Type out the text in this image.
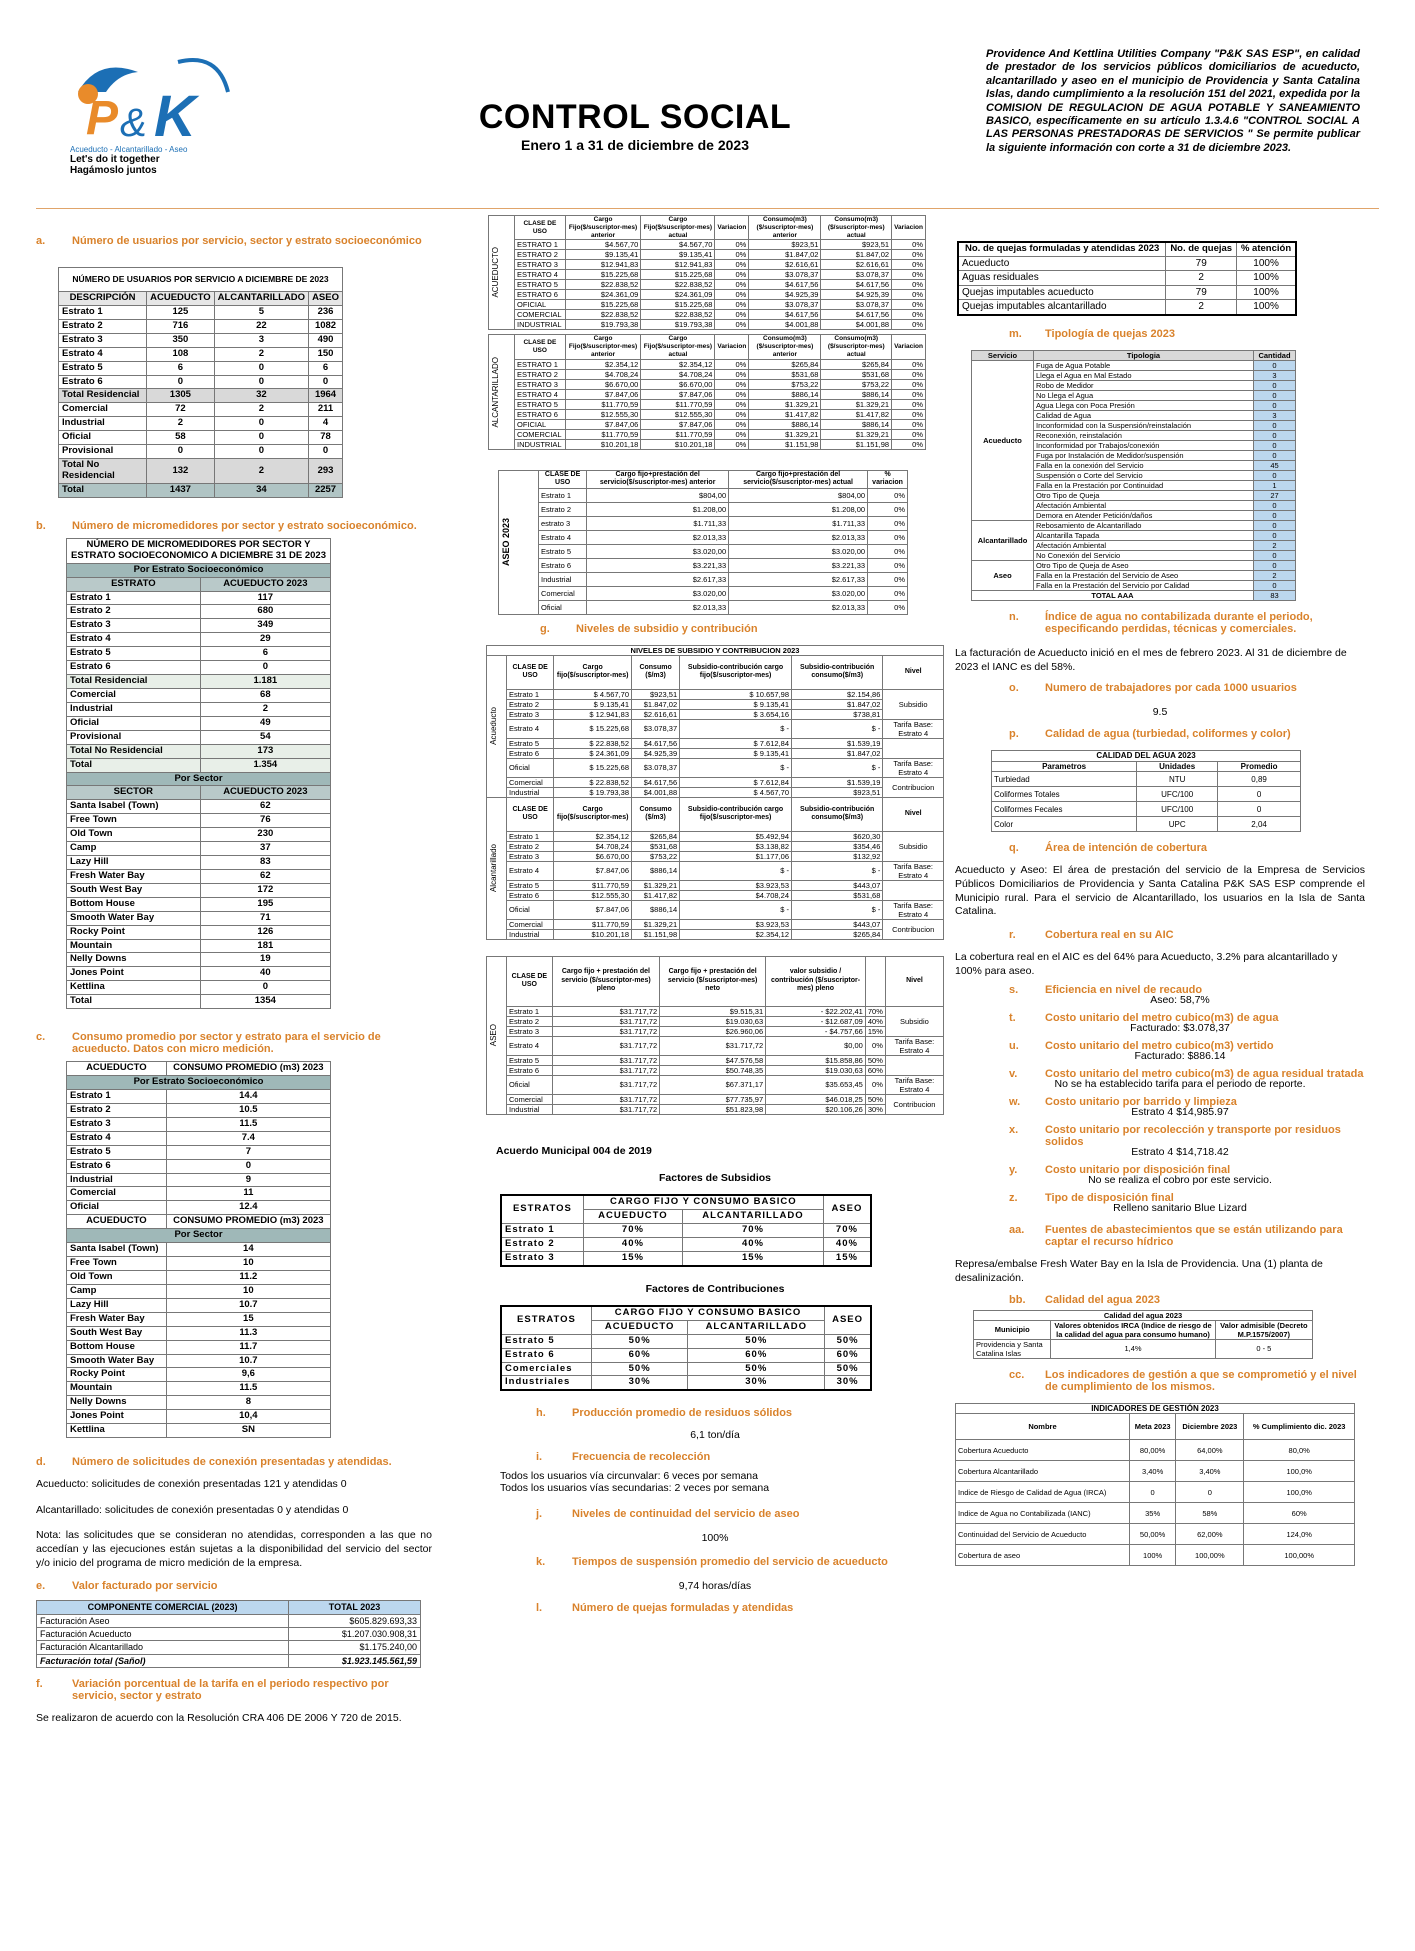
P & K
Acueducto - Alcantarillado - Aseo
Let's do it together
Hagámoslo juntos
CONTROL SOCIAL
Enero 1 a 31 de diciembre de 2023
Providence And Kettlina Utilities Company "P&K SAS ESP", en calidad de prestador de los servicios públicos domiciliarios de acueducto, alcantarillado y aseo en el municipio de Providencia y Santa Catalina Islas, dando cumplimiento a la resolución 151 del 2021, expedida por la COMISION DE REGULACION DE AGUA POTABLE Y SANEAMIENTO BASICO, específicamente en su artículo 1.3.4.6 "CONTROL SOCIAL A LAS PERSONAS PRESTADORAS DE SERVICIOS " Se permite publicar la siguiente información con corte a 31 de diciembre 2023.
a.	Número de usuarios por servicio, sector y estrato socioeconómico
NÚMERO DE USUARIOS POR SERVICIO A DICIEMBRE DE 2023			
DESCRIPCIÓN	ACUEDUCTO	ALCANTARILLADO	ASEO
Estrato 1	125	5	236
Estrato 2	716	22	1082
Estrato 3	350	3	490
Estrato 4	108	2	150
Estrato 5	6	0	6
Estrato 6	0	0	0
Total Residencial	1305	32	1964
Comercial	72	2	211
Industrial	2	0	4
Oficial	58	0	78
Provisional	0	0	0
Total No Residencial	132	2	293
Total	1437	34	2257
b.	Número de micromedidores por sector y estrato socioeconómico.
NÚMERO DE MICROMEDIDORES POR SECTOR Y ESTRATO SOCIOECONOMICO A DICIEMBRE 31 DE 2023	
Por Estrato Socioeconómico	
ESTRATO	ACUEDUCTO 2023
Estrato 1	117
Estrato 2	680
Estrato 3	349
Estrato 4	29
Estrato 5	6
Estrato 6	0
Total Residencial	1.181
Comercial	68
Industrial	2
Oficial	49
Provisional	54
Total No Residencial	173
Total	1.354
Por Sector	
SECTOR	ACUEDUCTO 2023
Santa Isabel (Town)	62
Free Town	76
Old Town	230
Camp	37
Lazy Hill	83
Fresh Water Bay	62
South West Bay	172
Bottom House	195
Smooth Water Bay	71
Rocky Point	126
Mountain	181
Nelly Downs	19
Jones Point	40
Kettlina	0
Total	1354
c.	Consumo promedio por sector y estrato para el servicio de acueducto. Datos con micro medición.
ACUEDUCTO	CONSUMO PROMEDIO (m3) 2023
Por Estrato Socioeconómico	
Estrato 1	14.4
Estrato 2	10.5
Estrato 3	11.5
Estrato 4	7.4
Estrato 5	7
Estrato 6	0
Industrial	9
Comercial	11
Oficial	12.4
ACUEDUCTO	CONSUMO PROMEDIO (m3) 2023
Por Sector	
Santa Isabel (Town)	14
Free Town	10
Old Town	11.2
Camp	10
Lazy Hill	10.7
Fresh Water Bay	15
South West Bay	11.3
Bottom House	11.7
Smooth Water Bay	10.7
Rocky Point	9,6
Mountain	11.5
Nelly Downs	8
Jones Point	10,4
Kettlina	SN
d.	Número de solicitudes de conexión presentadas y atendidas.
Acueducto: solicitudes de conexión presentadas 121 y atendidas 0
Alcantarillado: solicitudes de conexión presentadas 0 y atendidas 0
Nota: las solicitudes que se consideran no atendidas, corresponden a las que no accedían y las ejecuciones están sujetas a la disponibilidad del servicio del sector y/o inicio del programa de micro medición de la empresa.
e.	Valor facturado por servicio
COMPONENTE COMERCIAL (2023)	TOTAL 2023
Facturación Aseo	$605.829.693,33
Facturación Acueducto	$1.207.030.908,31
Facturación Alcantarillado	$1.175.240,00
Facturación total (Sañol)	$1.923.145.561,59
f.	Variación porcentual de la tarifa en el periodo respectivo por servicio, sector y estrato
Se realizaron de acuerdo con la Resolución CRA 406 DE 2006 Y 720 de 2015.
ACUEDUCTO	CLASE DE USO	Cargo Fijo($/suscriptor-mes) anterior	Cargo Fijo($/suscriptor-mes) actual	Variacion	Consumo(m3)($/suscriptor-mes) anterior	Consumo(m3)($/suscriptor-mes) actual	Variacion
	ESTRATO 1	$4.567,70	$4.567,70	0%	$923,51	$923,51	0%
	ESTRATO 2	$9.135,41	$9.135,41	0%	$1.847,02	$1.847,02	0%
	ESTRATO 3	$12.941,83	$12.941,83	0%	$2.616,61	$2.616,61	0%
	ESTRATO 4	$15.225,68	$15.225,68	0%	$3.078,37	$3.078,37	0%
	ESTRATO 5	$22.838,52	$22.838,52	0%	$4.617,56	$4.617,56	0%
	ESTRATO 6	$24.361,09	$24.361,09	0%	$4.925,39	$4.925,39	0%
	OFICIAL	$15.225,68	$15.225,68	0%	$3.078,37	$3.078,37	0%
	COMERCIAL	$22.838,52	$22.838,52	0%	$4.617,56	$4.617,56	0%
	INDUSTRIAL	$19.793,38	$19.793,38	0%	$4.001,88	$4.001,88	0%
ALCANTARILLADO	CLASE DE USO	Cargo Fijo($/suscriptor-mes) anterior	Cargo Fijo($/suscriptor-mes) actual	Variacion	Consumo(m3)($/suscriptor-mes) anterior	Consumo(m3)($/suscriptor-mes) actual	Variacion
	ESTRATO 1	$2.354,12	$2.354,12	0%	$265,84	$265,84	0%
	ESTRATO 2	$4.708,24	$4.708,24	0%	$531,68	$531,68	0%
	ESTRATO 3	$6.670,00	$6.670,00	0%	$753,22	$753,22	0%
	ESTRATO 4	$7.847,06	$7.847,06	0%	$886,14	$886,14	0%
	ESTRATO 5	$11.770,59	$11.770,59	0%	$1.329,21	$1.329,21	0%
	ESTRATO 6	$12.555,30	$12.555,30	0%	$1.417,82	$1.417,82	0%
	OFICIAL	$7.847,06	$7.847,06	0%	$886,14	$886,14	0%
	COMERCIAL	$11.770,59	$11.770,59	0%	$1.329,21	$1.329,21	0%
	INDUSTRIAL	$10.201,18	$10.201,18	0%	$1.151,98	$1.151,98	0%
ASEO 2023	CLASE DE USO	Cargo fijo+prestación del servicio($/suscriptor-mes) anterior	Cargo fijo+prestación del servicio($/suscriptor-mes) actual	% variacion
	Estrato 1	$804,00	$804,00	0%
	Estrato 2	$1.208,00	$1.208,00	0%
	estrato 3	$1.711,33	$1.711,33	0%
	Estrato 4	$2.013,33	$2.013,33	0%
	Estrato 5	$3.020,00	$3.020,00	0%
	Estrato 6	$3.221,33	$3.221,33	0%
	Industrial	$2.617,33	$2.617,33	0%
	Comercial	$3.020,00	$3.020,00	0%
	Oficial	$2.013,33	$2.013,33	0%
g.	Niveles de subsidio y contribución
NIVELES DE SUBSIDIO Y CONTRIBUCION 2023						

Acueducto	CLASE DE USO	Cargo fijo($/suscriptor-mes)	Consumo ($/m3)	Subsidio-contribución cargo fijo($/suscriptor-mes)	Subsidio-contribución consumo($/m3)	Nivel
	Estrato 1	$ 4.567,70	$923,51	$ 10.657,98	$2.154,86	Subsidio
	Estrato 2	$ 9.135,41	$1.847,02	$ 9.135,41	$1.847,02	
	Estrato 3	$ 12.941,83	$2.616,61	$ 3.654,16	$738,81	
	Estrato 4	$ 15.225,68	$3.078,37	$ -	$ -	Tarifa Base: Estrato 4
	Estrato 5	$ 22.838,52	$4.617,56	$ 7.612,84	$1.539,19	
	Estrato 6	$ 24.361,09	$4.925,39	$ 9.135,41	$1.847,02	
	Oficial	$ 15.225,68	$3.078,37	$ -	$ -	Tarifa Base: Estrato 4
	Comercial	$ 22.838,52	$4.617,56	$ 7.612,84	$1.539,19	Contribucion
	Industrial	$ 19.793,38	$4.001,88	$ 4.567,70	$923,51	

Alcantarillado	CLASE DE USO	Cargo fijo($/suscriptor-mes)	Consumo ($/m3)	Subsidio-contribución cargo fijo($/suscriptor-mes)	Subsidio-contribución consumo($/m3)	Nivel
	Estrato 1	$2.354,12	$265,84	$5.492,94	$620,30	Subsidio
	Estrato 2	$4.708,24	$531,68	$3.138,82	$354,46	
	Estrato 3	$6.670,00	$753,22	$1.177,06	$132,92	
	Estrato 4	$7.847,06	$886,14	$ -	$ -	Tarifa Base: Estrato 4
	Estrato 5	$11.770,59	$1.329,21	$3.923,53	$443,07	
	Estrato 6	$12.555,30	$1.417,82	$4.708,24	$531,68	
	Oficial	$7.847,06	$886,14	$ -	$ -	Tarifa Base: Estrato 4
	Comercial	$11.770,59	$1.329,21	$3.923,53	$443,07	Contribucion
	Industrial	$10.201,18	$1.151,98	$2.354,12	$265,84	
ASEO	CLASE DE USO	Cargo fijo + prestación del servicio ($/suscriptor-mes) pleno	Cargo fijo + prestación del servicio ($/suscriptor-mes) neto	valor subsidio / contribución ($/suscriptor-mes) pleno		Nivel
	Estrato 1	$31.717,72	$9.515,31	- $22.202,41	70%	Subsidio
	Estrato 2	$31.717,72	$19.030,63	- $12.687,09	40%	
	Estrato 3	$31.717,72	$26.960,06	- $4.757,66	15%	
	Estrato 4	$31.717,72	$31.717,72	$0,00	0%	Tarifa Base: Estrato 4
	Estrato 5	$31.717,72	$47.576,58	$15.858,86	50%	
	Estrato 6	$31.717,72	$50.748,35	$19.030,63	60%	
	Oficial	$31.717,72	$67.371,17	$35.653,45	0%	Tarifa Base: Estrato 4
	Comercial	$31.717,72	$77.735,97	$46.018,25	50%	Contribucion
	Industrial	$31.717,72	$51.823,98	$20.106,26	30%	
Acuerdo Municipal 004 de 2019
Factores de Subsidios
ESTRATOS	CARGO FIJO Y CONSUMO BASICO		ASEO
	ACUEDUCTO	ALCANTARILLADO	
Estrato 1	70%	70%	70%
Estrato 2	40%	40%	40%
Estrato 3	15%	15%	15%
Factores de Contribuciones
ESTRATOS	CARGO FIJO Y CONSUMO BASICO		ASEO
	ACUEDUCTO	ALCANTARILLADO	
Estrato 5	50%	50%	50%
Estrato 6	60%	60%	60%
Comerciales	50%	50%	50%
Industriales	30%	30%	30%
h.	Producción promedio de residuos sólidos
6,1 ton/día
i.	Frecuencia de recolección
Todos los usuarios vía circunvalar: 6 veces por semana
Todos los usuarios vías secundarias: 2 veces por semana
j.	Niveles de continuidad del servicio de aseo
100%
k.	Tiempos de suspensión promedio del servicio de acueducto
9,74 horas/días
l.	Número de quejas formuladas y atendidas
No. de quejas formuladas y atendidas 2023	No. de quejas	% atención
Acueducto	79	100%
Aguas residuales	2	100%
Quejas imputables acueducto	79	100%
Quejas imputables alcantarillado	2	100%
m.	Tipología de quejas 2023
Servicio	Tipologia	Cantidad
Acueducto	Fuga de Agua Potable	0
	Llega el Agua en Mal Estado	3
	Robo de Medidor	0
	No Llega el Agua	0
	Agua Llega con Poca Presión	0
	Calidad de Agua	3
	Inconformidad con la Suspensión/reinstalación	0
	Reconexión, reinstalación	0
	Inconformidad por Trabajos/conexión	0
	Fuga por Instalación de Medidor/suspensión	0
	Falla en la conexión del Servicio	45
	Suspensión o Corte del Servicio	0
	Falla en la Prestación por Continuidad	1
	Otro Tipo de Queja	27
	Afectación Ambiental	0
	Demora en Atender Petición/daños	0
Alcantarillado	Rebosamiento de Alcantarillado	0
	Alcantarilla Tapada	0
	Afectación Ambiental	2
	No Conexión del Servicio	0
Aseo	Otro Tipo de Queja de Aseo	0
	Falla en la Prestación del Servicio de Aseo	2
	Falla en la Prestación del Servicio por Calidad	0
TOTAL AAA		83
n.	Índice de agua no contabilizada durante el periodo, especificando perdidas, técnicas y comerciales.
La facturación de Acueducto inició en el mes de febrero 2023. Al 31 de diciembre de 2023 el IANC es del 58%.
o.	Numero de trabajadores por cada 1000 usuarios
9.5
p.	Calidad de agua (turbiedad, coliformes y color)
CALIDAD DEL AGUA 2023		
Parametros	Unidades	Promedio
Turbiedad	NTU	0,89
Coliformes Totales	UFC/100	0
Coliformes Fecales	UFC/100	0
Color	UPC	2,04
q.	Área de intención de cobertura
Acueducto y Aseo: El área de prestación del servicio de la Empresa de Servicios Públicos Domiciliarios de Providencia y Santa Catalina P&K SAS ESP comprende el Municipio rural. Para el servicio de Alcantarillado, los usuarios en la Isla de Santa Catalina.
r.	Cobertura real en su AIC
La cobertura real en el AIC es del 64% para Acueducto, 3.2% para alcantarillado y 100% para aseo.
s.	Eficiencia en nivel de recaudo
Aseo: 58,7%
t.	Costo unitario del metro cubico(m3) de agua
Facturado: $3.078,37
u.	Costo unitario del metro cubico(m3) vertido
Facturado: $886.14
v.	Costo unitario del metro cubico(m3) de agua residual tratada
No se ha establecido tarifa para el periodo de reporte.
w.	Costo unitario por barrido y limpieza
Estrato 4 $14,985.97
x.	Costo unitario por recolección y transporte por residuos solidos
Estrato 4 $14,718.42
y.	Costo unitario por disposición final
No se realiza el cobro por este servicio.
z.	Tipo de disposición final
Relleno sanitario Blue Lizard
aa.	Fuentes de abastecimientos que se están utilizando para captar el recurso hídrico
Represa/embalse Fresh Water Bay en la Isla de Providencia. Una (1) planta de desalinización.
bb.	Calidad del agua 2023
Calidad del agua 2023		
Municipio	Valores obtenidos IRCA (Indice de riesgo de la calidad del agua para consumo humano)	Valor admisible (Decreto M.P.1575/2007)
Providencia y Santa Catalina Islas	1,4%	0 - 5
cc.	Los indicadores de gestión a que se comprometió y el nivel de cumplimiento de los mismos.
INDICADORES DE GESTIÓN 2023			
Nombre	Meta 2023	Diciembre 2023	% Cumplimiento dic. 2023
Cobertura Acueducto	80,00%	64,00%	80,0%
Cobertura Alcantarillado	3,40%	3,40%	100,0%
Indice de Riesgo de Calidad de Agua (IRCA)	0	0	100,0%
Indice de Agua no Contabilizada (IANC)	35%	58%	60%
Continuidad del Servicio de Acueducto	50,00%	62,00%	124,0%
Cobertura de aseo	100%	100,00%	100,00%
